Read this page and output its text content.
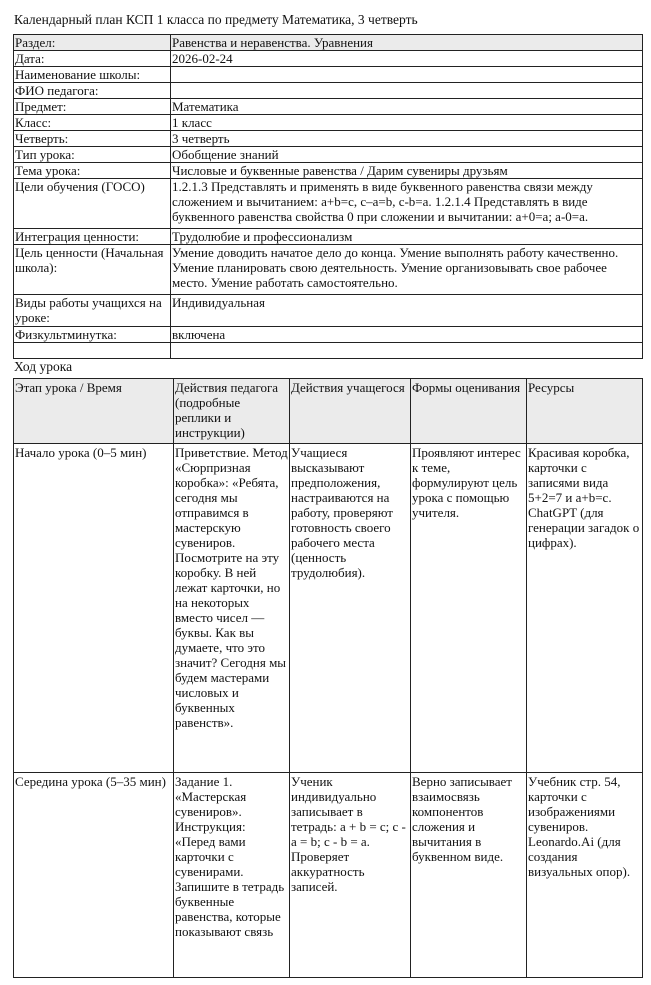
Календарный план КСП 1 класса по предмету Математика, 3 четверть
Раздел:	Равенства и неравенства. Уравнения
Дата:	2026-02-24
Наименование школы:	
ФИО педагога:	
Предмет:	Математика
Класс:	1 класс
Четверть:	3 четверть
Тип урока:	Обобщение знаний
Тема урока:	Числовые и буквенные равенства / Дарим сувениры друзьям
Цели обучения (ГОСО)	1.2.1.3 Представлять и применять в виде буквенного равенства связи между сложением и вычитанием: a+b=c, c–a=b, c-b=a. 1.2.1.4 Представлять в виде буквенного равенства свойства 0 при сложении и вычитании: a+0=a; a-0=a.
Интеграция ценности:	Трудолюбие и профессионализм
Цель ценности (Начальная школа):	Умение доводить начатое дело до конца. Умение выполнять работу качественно. Умение планировать свою деятельность. Умение организовывать свое рабочее место. Умение работать самостоятельно.
Виды работы учащихся на уроке:	Индивидуальная
Физкультминутка:	включена

Ход урока
Этап урока / Время	Действия педагога (подробные реплики и инструкции)	Действия учащегося	Формы оценивания	Ресурсы
Начало урока (0–5 мин)	Приветствие. Метод «Сюрпризная коробка»: «Ребята, сегодня мы отправимся в мастерскую сувениров. Посмотрите на эту коробку. В ней лежат карточки, но на некоторых вместо чисел — буквы. Как вы думаете, что это значит? Сегодня мы будем мастерами числовых и буквенных равенств».	Учащиеся высказывают предположения, настраиваются на работу, проверяют готовность своего рабочего места (ценность трудолюбия).	Проявляют интерес к теме, формулируют цель урока с помощью учителя.	Красивая коробка, карточки с записями вида 5+2=7 и a+b=c. ChatGPT (для генерации загадок о цифрах).
Середина урока (5–35 мин)	Задание 1. «Мастерская сувениров». Инструкция: «Перед вами карточки с сувенирами. Запишите в тетрадь буквенные равенства, которые показывают связь	Ученик индивидуально записывает в тетрадь: a + b = c; c - a = b; c - b = a. Проверяет аккуратность записей.	Верно записывает взаимосвязь компонентов сложения и вычитания в буквенном виде.	Учебник стр. 54, карточки с изображениями сувениров. Leonardo.Ai (для создания визуальных опор).
